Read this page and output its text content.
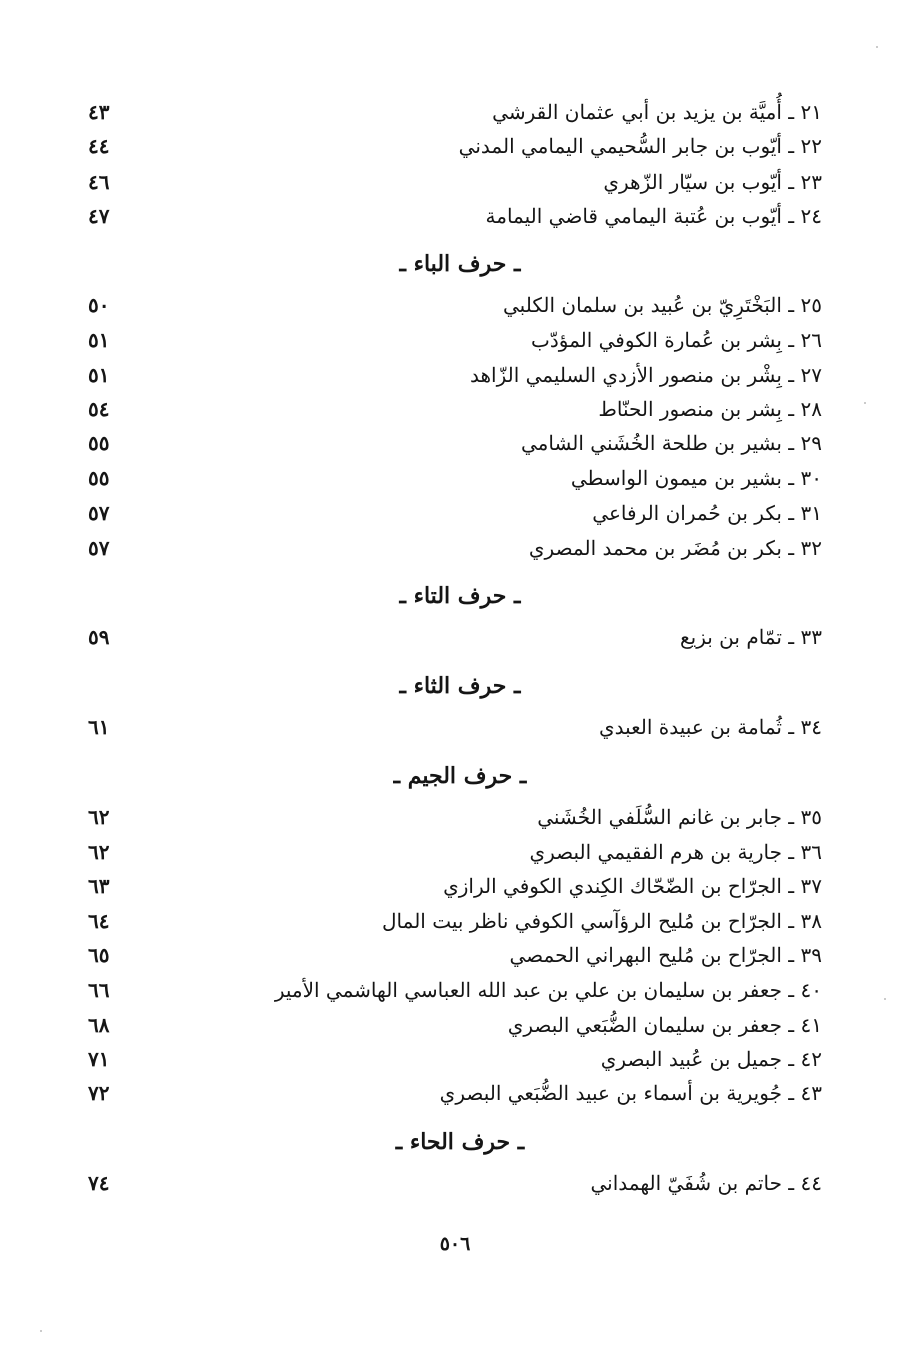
٢١ ـ أُميَّة بن يزيد بن أبي عثمان القرشي
٤٣
٢٢ ـ أيّوب بن جابر السُّحيمي اليمامي المدني
٤٤
٢٣ ـ أيّوب بن سيّار الزّهري
٤٦
٢٤ ـ أيّوب بن عُتبة اليمامي قاضي اليمامة
٤٧
ـ حرف الباء ـ
٢٥ ـ البَخْتَرِيّ بن عُبيد بن سلمان الكلبي
٥٠
٢٦ ـ بِشر بن عُمارة الكوفي المؤدّب
٥١
٢٧ ـ بِشْر بن منصور الأزدي السليمي الزّاهد
٥١
٢٨ ـ بِشر بن منصور الحنّاط
٥٤
٢٩ ـ بشير بن طلحة الخُشَني الشامي
٥٥
٣٠ ـ بشير بن ميمون الواسطي
٥٥
٣١ ـ بكر بن حُمران الرفاعي
٥٧
٣٢ ـ بكر بن مُضَر بن محمد المصري
٥٧
ـ حرف التاء ـ
٣٣ ـ تمّام بن بزيع
٥٩
ـ حرف الثاء ـ
٣٤ ـ ثُمامة بن عبيدة العبدي
٦١
ـ حرف الجيم ـ
٣٥ ـ جابر بن غانم السُّلَفي الخُشَني
٦٢
٣٦ ـ جارية بن هرم الفقيمي البصري
٦٢
٣٧ ـ الجرّاح بن الضّحّاك الكِندي الكوفي الرازي
٦٣
٣٨ ـ الجرّاح بن مُليح الرؤآسي الكوفي ناظر بيت المال
٦٤
٣٩ ـ الجرّاح بن مُليح البهراني الحمصي
٦٥
٤٠ ـ جعفر بن سليمان بن علي بن عبد الله العباسي الهاشمي الأمير
٦٦
٤١ ـ جعفر بن سليمان الضُّبَعي البصري
٦٨
٤٢ ـ جميل بن عُبيد البصري
٧١
٤٣ ـ جُويرية بن أسماء بن عبيد الضُّبَعي البصري
٧٢
ـ حرف الحاء ـ
٤٤ ـ حاتم بن شُفَيّ الهمداني
٧٤
٥٠٦
